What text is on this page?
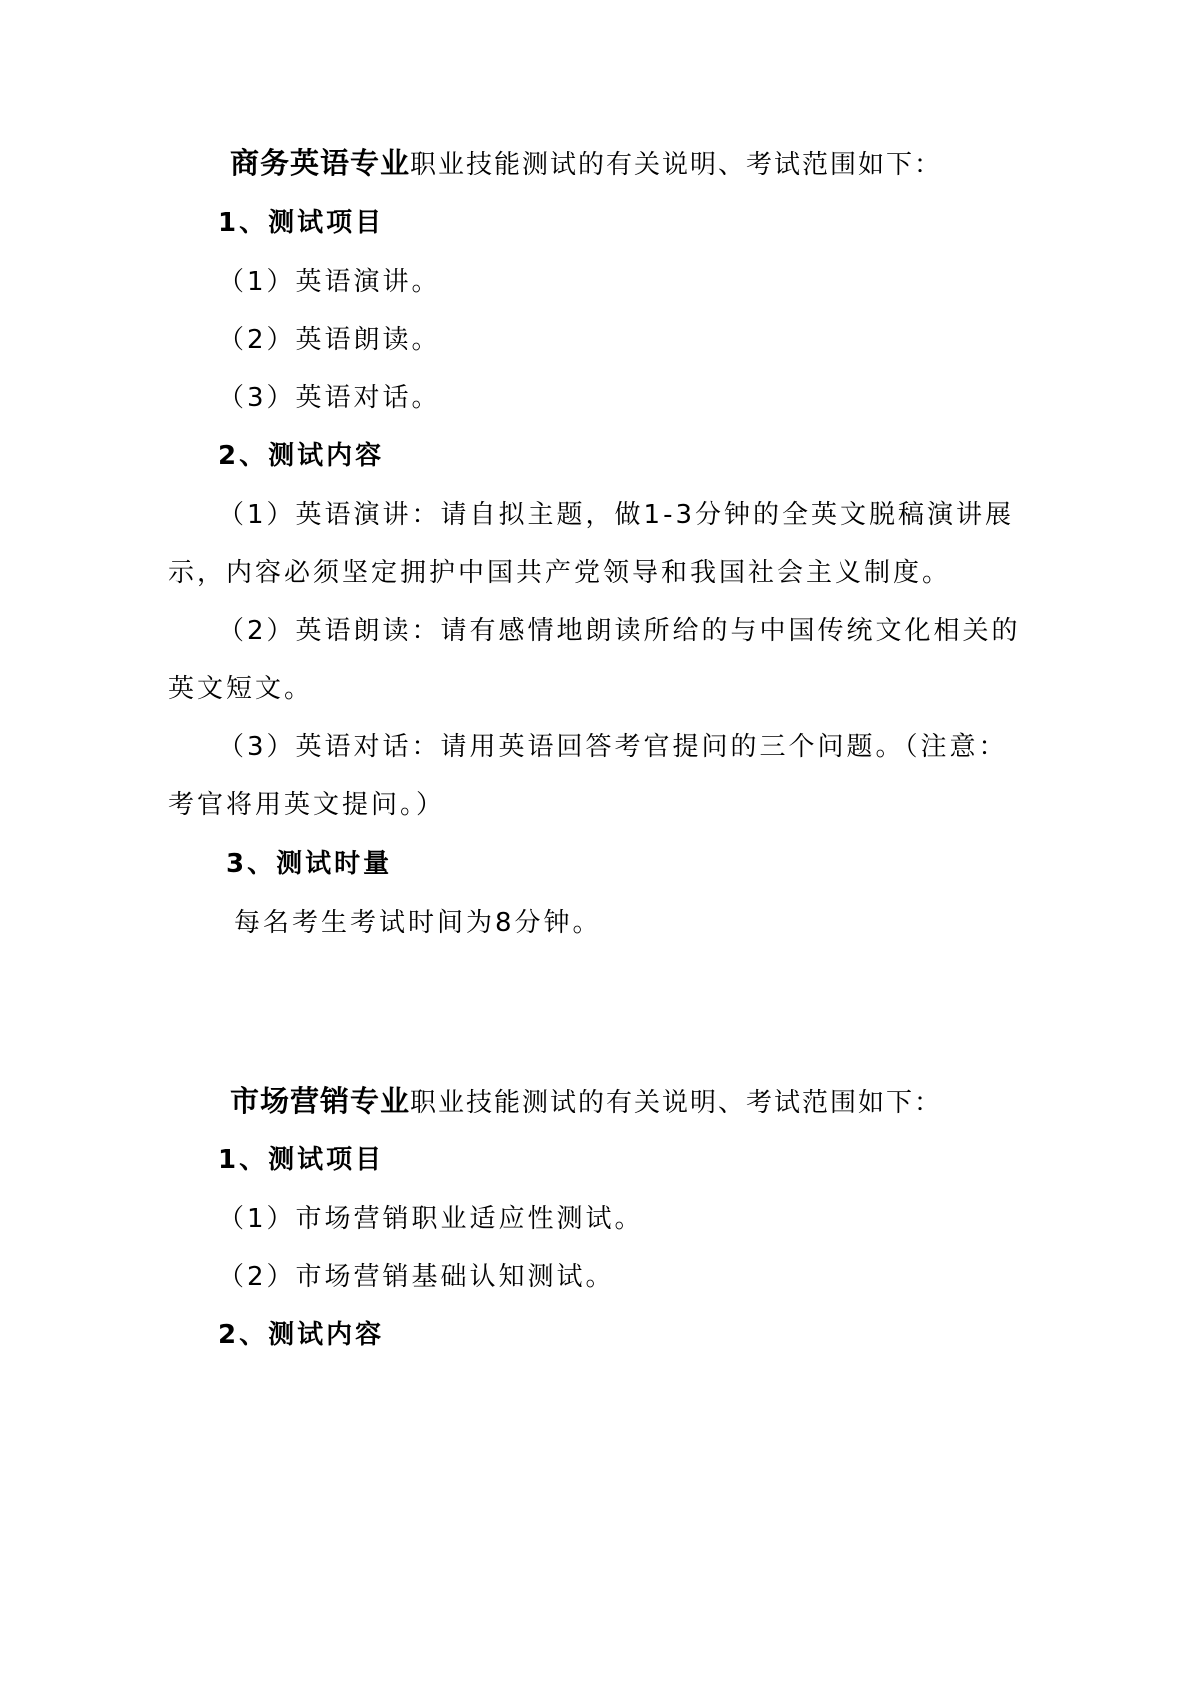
商务英语专业职业技能测试的有关说明、考试范围如下：
1、测试项目
（1）英语演讲。
（2）英语朗读。
（3）英语对话。
2、测试内容
（1）英语演讲：请自拟主题，做1-3分钟的全英文脱稿演讲展
示，内容必须坚定拥护中国共产党领导和我国社会主义制度。
（2）英语朗读：请有感情地朗读所给的与中国传统文化相关的
英文短文。
（3）英语对话：请用英语回答考官提问的三个问题。（注意：
考官将用英文提问。）
3、测试时量
每名考生考试时间为8分钟。
市场营销专业职业技能测试的有关说明、考试范围如下：
1、测试项目
（1）市场营销职业适应性测试。
（2）市场营销基础认知测试。
2、测试内容
